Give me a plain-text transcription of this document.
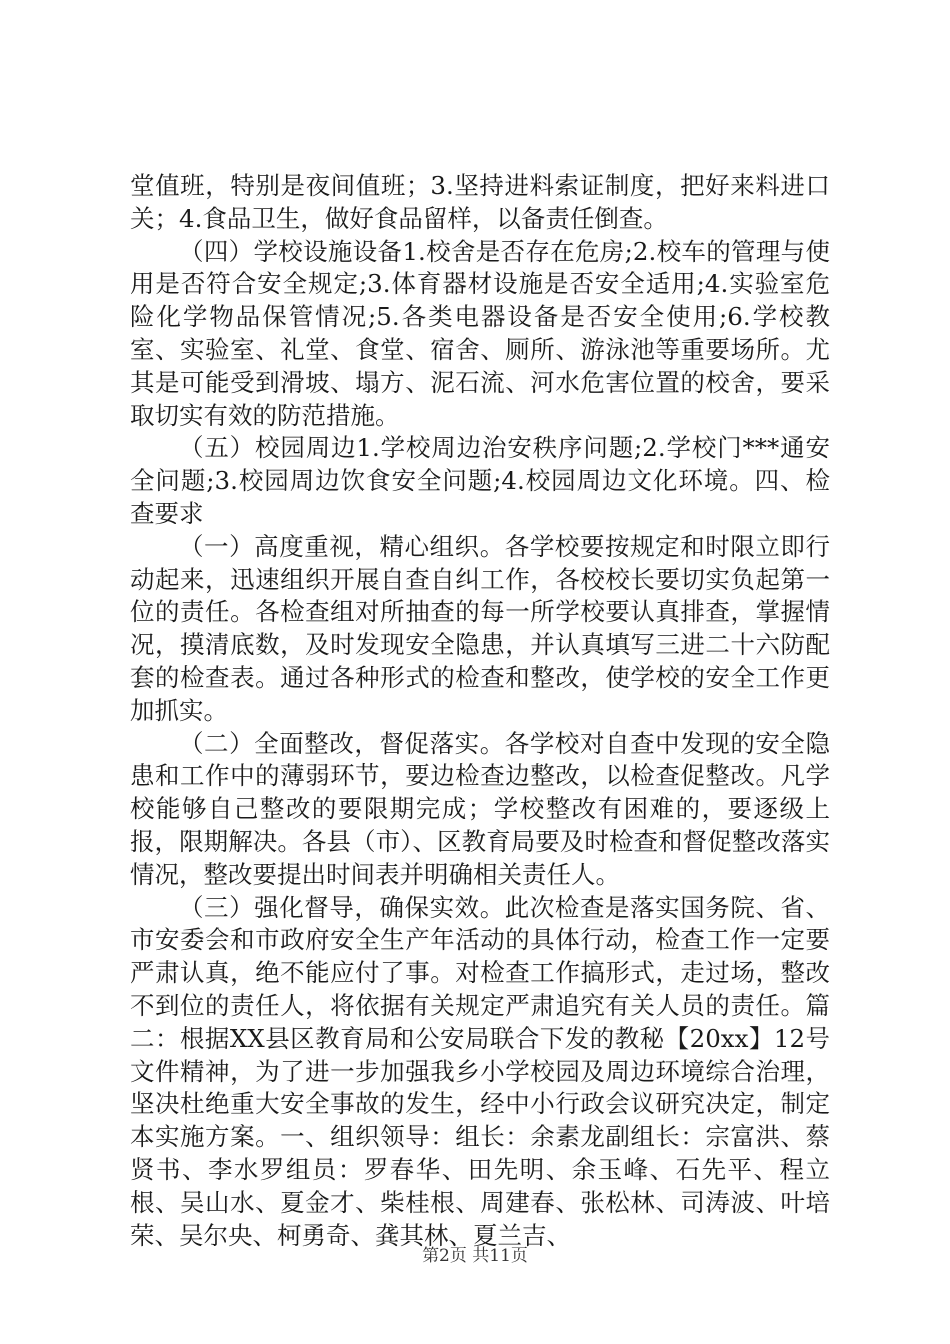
堂值班，特别是夜间值班；3.坚持进料索证制度，把好来料进口关；4.食品卫生，做好食品留样，以备责任倒查。

（四）学校设施设备1.校舍是否存在危房;2.校车的管理与使用是否符合安全规定;3.体育器材设施是否安全适用;4.实验室危险化学物品保管情况;5.各类电器设备是否安全使用;6.学校教室、实验室、礼堂、食堂、宿舍、厕所、游泳池等重要场所。尤其是可能受到滑坡、塌方、泥石流、河水危害位置的校舍，要采取切实有效的防范措施。

（五）校园周边1.学校周边治安秩序问题;2.学校门***通安全问题;3.校园周边饮食安全问题;4.校园周边文化环境。四、检查要求

（一）高度重视，精心组织。各学校要按规定和时限立即行动起来，迅速组织开展自查自纠工作，各校校长要切实负起第一位的责任。各检查组对所抽查的每一所学校要认真排查，掌握情况，摸清底数，及时发现安全隐患，并认真填写三进二十六防配套的检查表。通过各种形式的检查和整改，使学校的安全工作更加抓实。

（二）全面整改，督促落实。各学校对自查中发现的安全隐患和工作中的薄弱环节，要边检查边整改，以检查促整改。凡学校能够自己整改的要限期完成；学校整改有困难的，要逐级上报，限期解决。各县（市）、区教育局要及时检查和督促整改落实情况，整改要提出时间表并明确相关责任人。

（三）强化督导，确保实效。此次检查是落实国务院、省、市安委会和市政府安全生产年活动的具体行动，检查工作一定要严肃认真，绝不能应付了事。对检查工作搞形式，走过场，整改不到位的责任人，将依据有关规定严肃追究有关人员的责任。篇二：根据XX县区教育局和公安局联合下发的教秘【20xx】12号文件精神，为了进一步加强我乡小学校园及周边环境综合治理，坚决杜绝重大安全事故的发生，经中小行政会议研究决定，制定本实施方案。一、组织领导：组长：余素龙副组长：宗富洪、蔡贤书、李水罗组员：罗春华、田先明、余玉峰、石先平、程立根、吴山水、夏金才、柴桂根、周建春、张松林、司涛波、叶培荣、吴尔央、柯勇奇、龚其林、夏兰吉、

第2页 共11页
